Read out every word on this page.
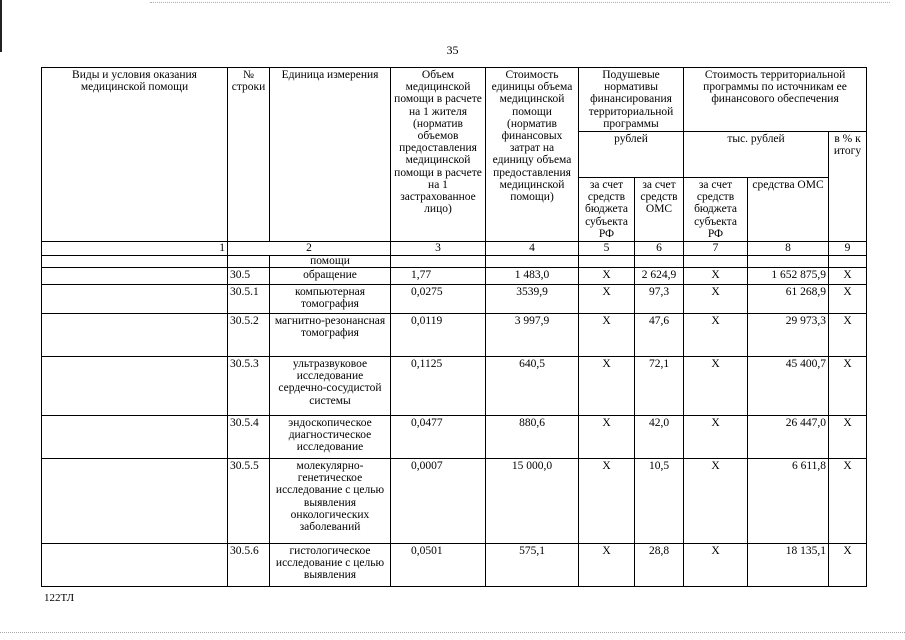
35
Виды и условия оказания медицинской помощи	№ строки	Единица измерения	Объем медицинской помощи в расчете на 1 жителя (норматив объемов предоставления медицинской помощи в расчете на 1 застрахованное лицо)	Стоимость единицы объема медицинской помощи (норматив финансовых затрат на единицу объема предоставления медицинской помощи)	Подушевые нормативы финансирования территориальной программы		Стоимость территориальной программы по источникам ее финансового обеспечения		
					рублей		тыс. рублей		в % к итогу
					за счет средств бюджета субъекта РФ	за счет средств ОМС	за счет средств бюджета субъекта РФ	средства ОМС	
1	2		3	4	5	6	7	8	9
		помощи							
	30.5	обращение	1,77	1 483,0	X	2 624,9	X	1 652 875,9	X
	30.5.1	компьютерная томография	0,0275	3539,9	X	97,3	X	61 268,9	X
	30.5.2	магнитно-резонансная томография	0,0119	3 997,9	X	47,6	X	29 973,3	X
	30.5.3	ультразвуковое исследование сердечно-сосудистой системы	0,1125	640,5	X	72,1	X	45 400,7	X
	30.5.4	эндоскопическое диагностическое исследование	0,0477	880,6	X	42,0	X	26 447,0	X
	30.5.5	молекулярно-генетическое исследование с целью выявления онкологических заболеваний	0,0007	15 000,0	X	10,5	X	6 611,8	X
	30.5.6	гистологическое исследование с целью выявления	0,0501	575,1	X	28,8	X	18 135,1	X
122ТЛ
